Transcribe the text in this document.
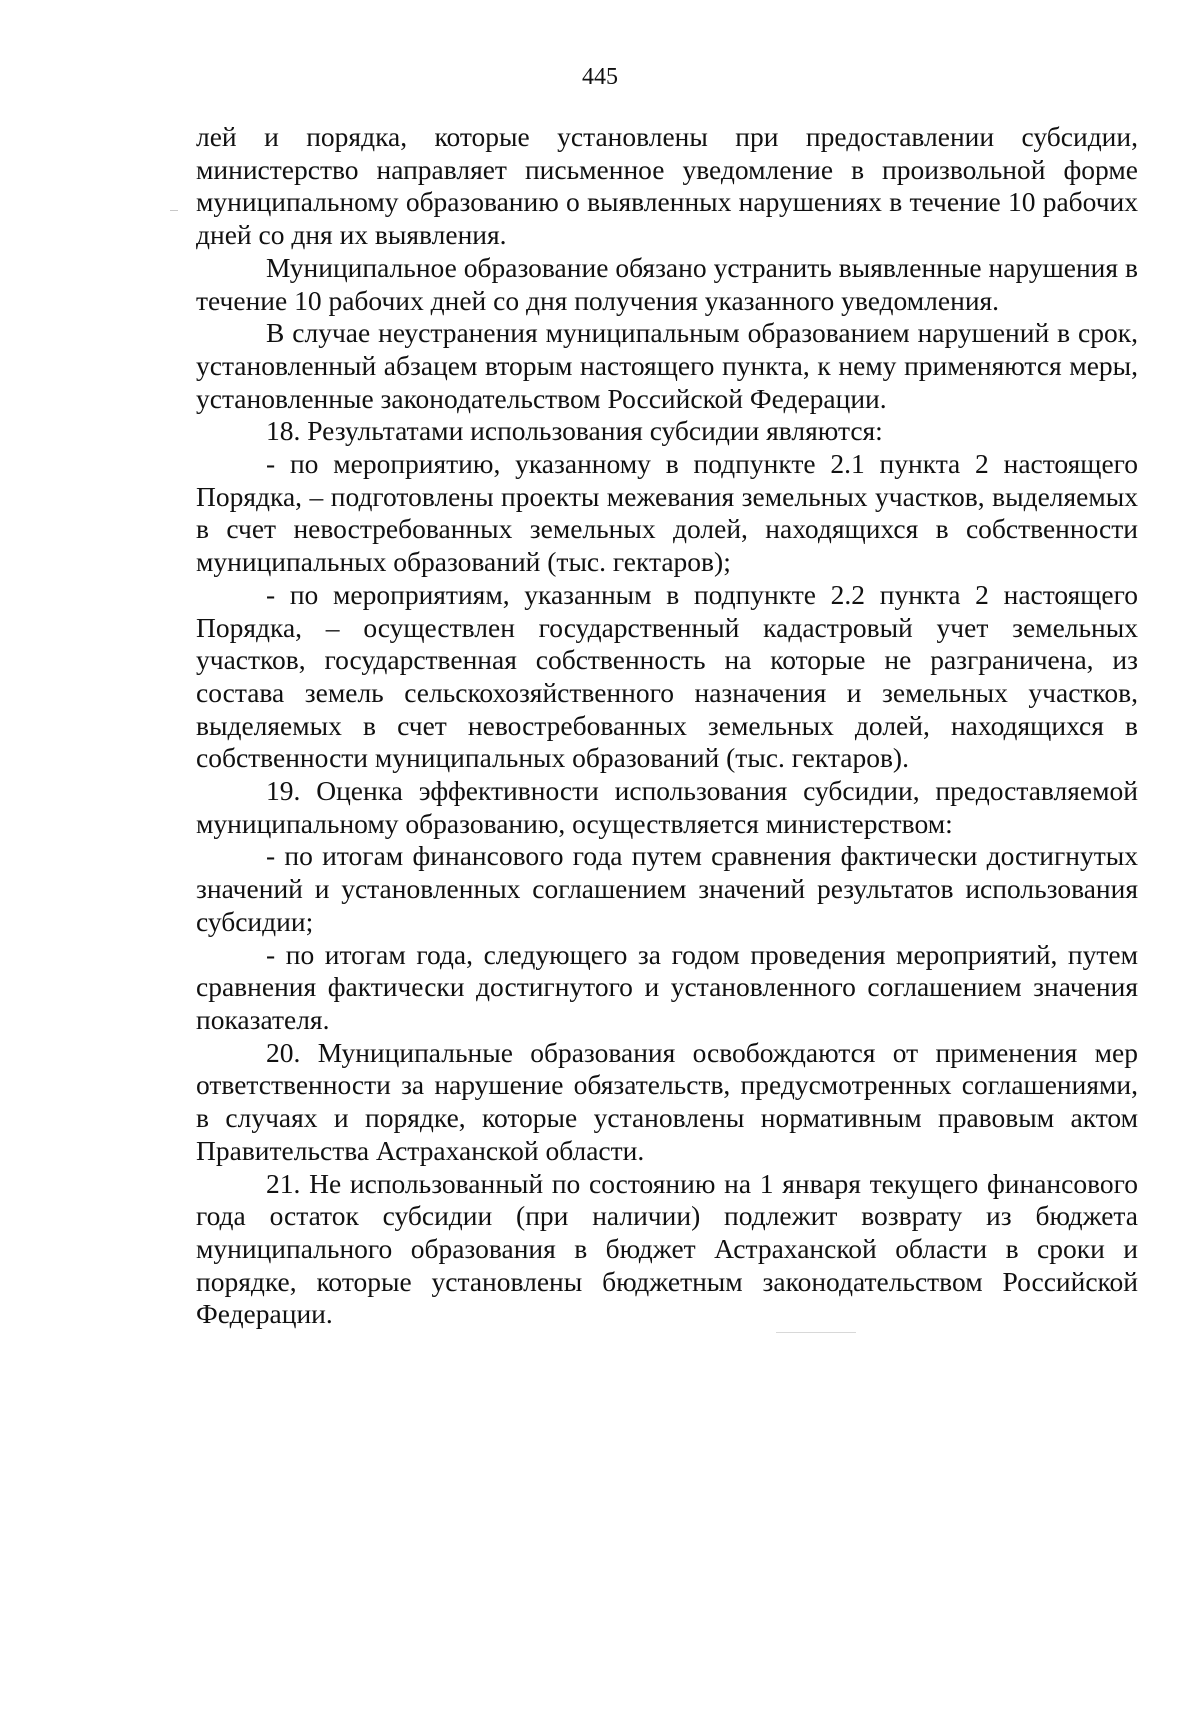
445

лей и порядка, которые установлены при предоставлении субсидии, министерство направляет письменное уведомление в произвольной форме муниципальному образованию о выявленных нарушениях в течение 10 рабочих дней со дня их выявления.

Муниципальное образование обязано устранить выявленные нарушения в течение 10 рабочих дней со дня получения указанного уведомления.

В случае неустранения муниципальным образованием нарушений в срок, установленный абзацем вторым настоящего пункта, к нему применяются меры, установленные законодательством Российской Федерации.

18. Результатами использования субсидии являются:

- по мероприятию, указанному в подпункте 2.1 пункта 2 настоящего Порядка, – подготовлены проекты межевания земельных участков, выделяемых в счет невостребованных земельных долей, находящихся в собственности муниципальных образований (тыс. гектаров);

- по мероприятиям, указанным в подпункте 2.2 пункта 2 настоящего Порядка, – осуществлен государственный кадастровый учет земельных участков, государственная собственность на которые не разграничена, из состава земель сельскохозяйственного назначения и земельных участков, выделяемых в счет невостребованных земельных долей, находящихся в собственности муниципальных образований (тыс. гектаров).

19. Оценка эффективности использования субсидии, предоставляемой муниципальному образованию, осуществляется министерством:

- по итогам финансового года путем сравнения фактически достигнутых значений и установленных соглашением значений результатов использования субсидии;

- по итогам года, следующего за годом проведения мероприятий, путем сравнения фактически достигнутого и установленного соглашением значения показателя.

20. Муниципальные образования освобождаются от применения мер ответственности за нарушение обязательств, предусмотренных соглашениями, в случаях и порядке, которые установлены нормативным правовым актом Правительства Астраханской области.

21. Не использованный по состоянию на 1 января текущего финансового года остаток субсидии (при наличии) подлежит возврату из бюджета муниципального образования в бюджет Астраханской области в сроки и порядке, которые установлены бюджетным законодательством Российской Федерации.
